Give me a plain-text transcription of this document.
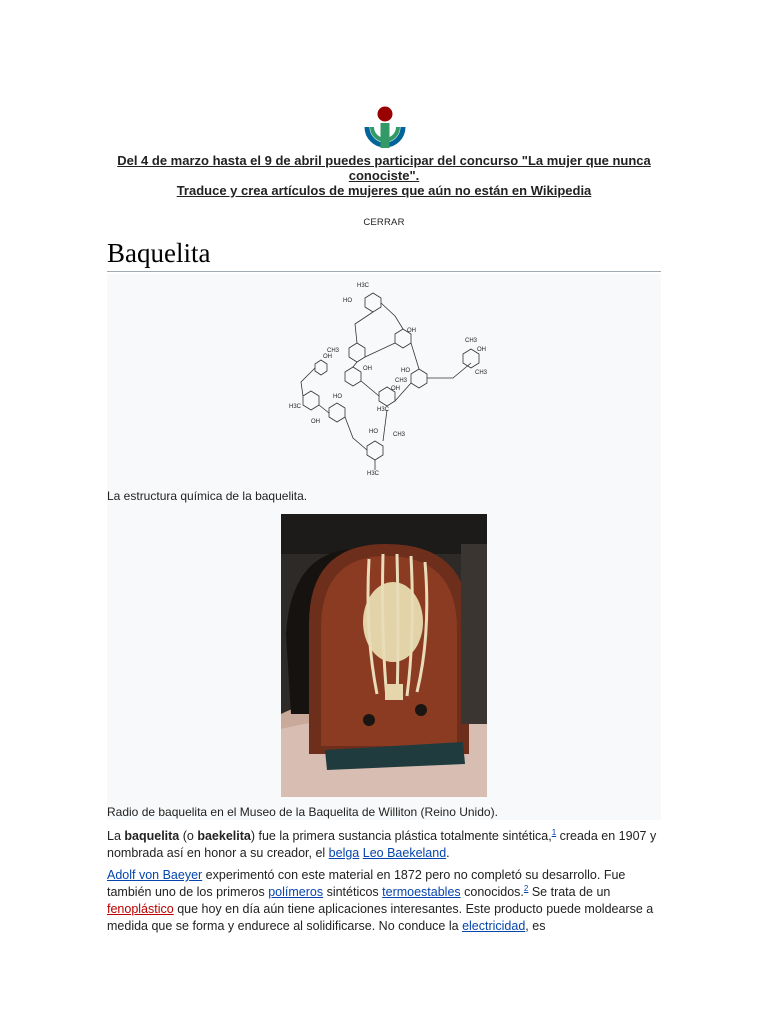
Del 4 de marzo hasta el 9 de abril puedes participar del concurso "La mujer que nunca conociste".
Traduce y crea artículos de mujeres que aún no están en Wikipedia
CERRAR
Baquelita
H3C
HO
OH
CH3
OH
CH3
OH
CH3
HO
OH
HO
H3C
OH
H3C
HO	CH3
H3C
OH
CH3
La estructura química de la baquelita.
Radio de baquelita en el Museo de la Baquelita de Williton (Reino Unido).

La baquelita (o baekelita) fue la primera sustancia plástica totalmente sintética,$^1$ creada en 1907 y nombrada así en honor a su creador, el belga Leo Baekeland.

Adolf von Baeyer experimentó con este material en 1872 pero no completó su desarrollo. Fue también uno de los primeros polímeros sintéticos termoestables conocidos.$^2$ Se trata de un fenoplástico que hoy en día aún tiene aplicaciones interesantes. Este producto puede moldearse a medida que se forma y endurece al solidificarse. No conduce la electricidad, es
